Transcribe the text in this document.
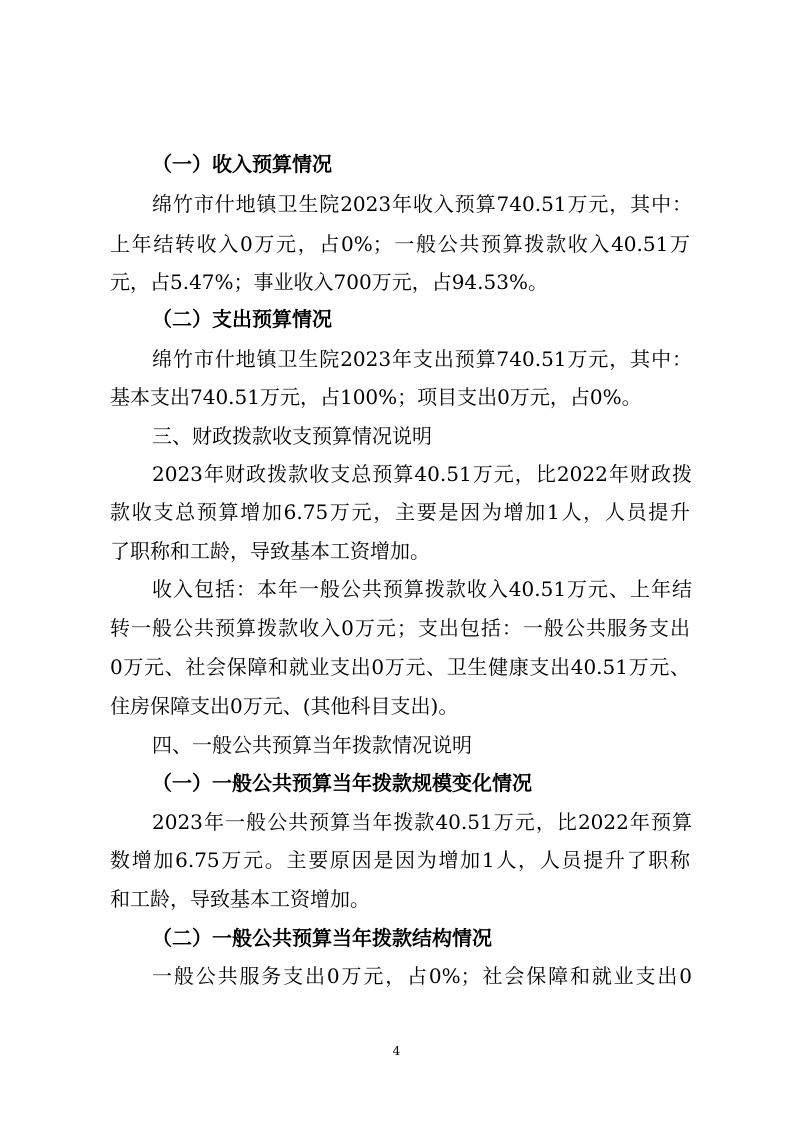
（一）收入预算情况
绵竹市什地镇卫生院2023年收入预算740.51万元，其中：
上年结转收入0万元，占0%；一般公共预算拨款收入40.51万
元，占5.47%；事业收入700万元，占94.53%。
（二）支出预算情况
绵竹市什地镇卫生院2023年支出预算740.51万元，其中：
基本支出740.51万元，占100%；项目支出0万元，占0%。
三、财政拨款收支预算情况说明
2023年财政拨款收支总预算40.51万元，比2022年财政拨
款收支总预算增加6.75万元，主要是因为增加1人，人员提升
了职称和工龄，导致基本工资增加。
收入包括：本年一般公共预算拨款收入40.51万元、上年结
转一般公共预算拨款收入0万元；支出包括：一般公共服务支出
0万元、社会保障和就业支出0万元、卫生健康支出40.51万元、
住房保障支出0万元、(其他科目支出)。
四、一般公共预算当年拨款情况说明
（一）一般公共预算当年拨款规模变化情况
2023年一般公共预算当年拨款40.51万元，比2022年预算
数增加6.75万元。主要原因是因为增加1人，人员提升了职称
和工龄，导致基本工资增加。
（二）一般公共预算当年拨款结构情况
一般公共服务支出0万元，占0%；社会保障和就业支出0
4
